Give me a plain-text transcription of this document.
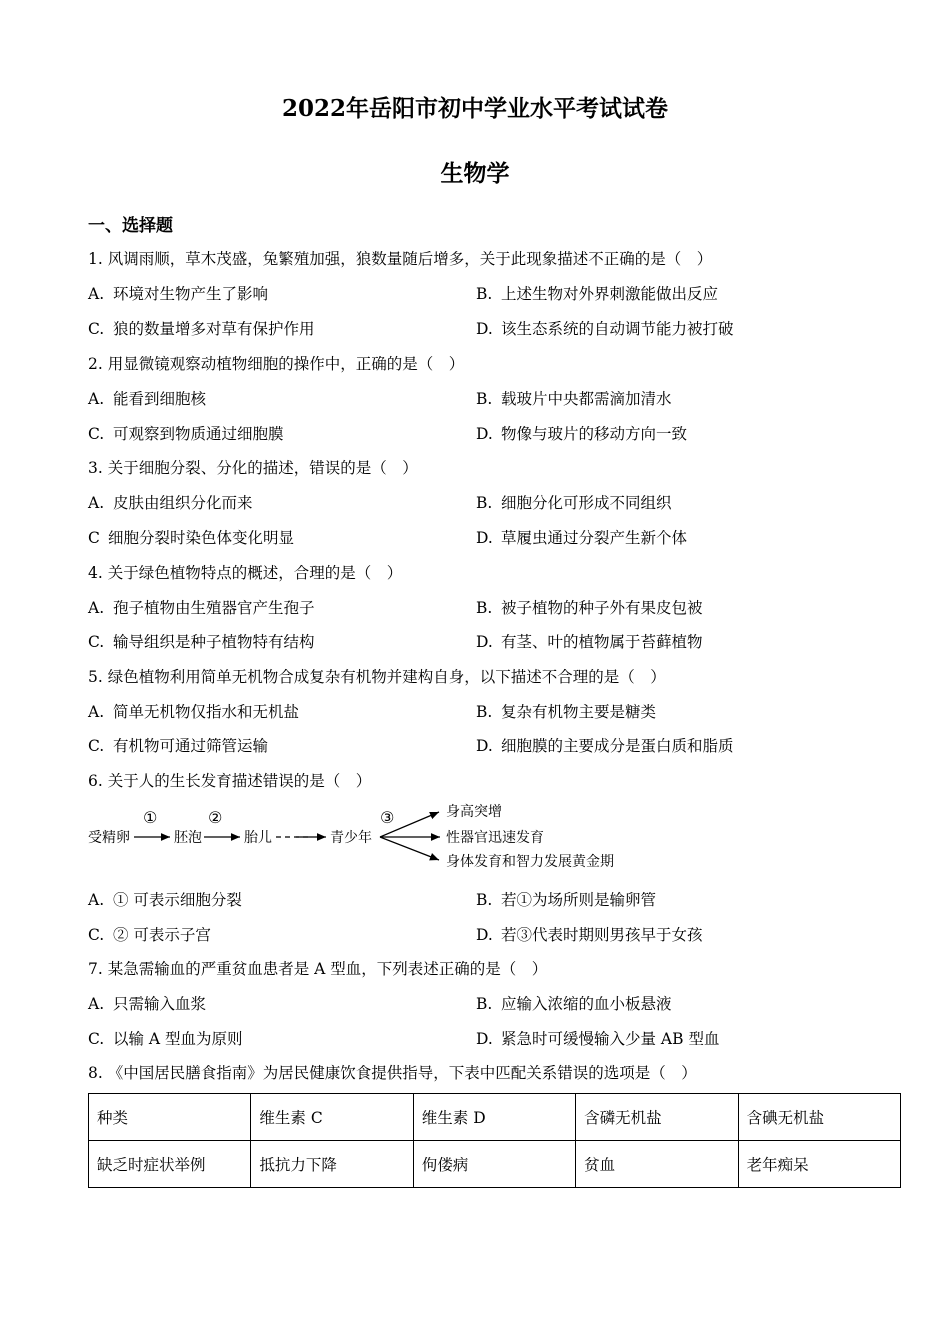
2022年岳阳市初中学业水平考试试卷
生物学
一、选择题
1. 风调雨顺，草木茂盛，兔繁殖加强，狼数量随后增多，关于此现象描述不正确的是（　）
A. 环境对生物产生了影响	B. 上述生物对外界刺激能做出反应
C. 狼的数量增多对草有保护作用	D. 该生态系统的自动调节能力被打破
2. 用显微镜观察动植物细胞的操作中，正确的是（　）
A. 能看到细胞核	B. 载玻片中央都需滴加清水
C. 可观察到物质通过细胞膜	D. 物像与玻片的移动方向一致
3. 关于细胞分裂、分化的描述，错误的是（　）
A. 皮肤由组织分化而来	B. 细胞分化可形成不同组织
C 细胞分裂时染色体变化明显	D. 草履虫通过分裂产生新个体
4. 关于绿色植物特点的概述，合理的是（　）
A. 孢子植物由生殖器官产生孢子	B. 被子植物的种子外有果皮包被
C. 输导组织是种子植物特有结构	D. 有茎、叶的植物属于苔藓植物
5. 绿色植物利用简单无机物合成复杂有机物并建构自身，以下描述不合理的是（　）
A. 简单无机物仅指水和无机盐	B. 复杂有机物主要是糖类
C. 有机物可通过筛管运输	D. 细胞膜的主要成分是蛋白质和脂质
6. 关于人的生长发育描述错误的是（　）
受精卵	胚泡	胎儿	青少年
①	②	③	身高突增
性器官迅速发育
身体发育和智力发展黄金期
A. ① 可表示细胞分裂	B. 若①为场所则是输卵管
C. ② 可表示子宫	D. 若③代表时期则男孩早于女孩
7. 某急需输血的严重贫血患者是 A 型血，下列表述正确的是（　）
A. 只需输入血浆	B. 应输入浓缩的血小板悬液
C. 以输 A 型血为原则	D. 紧急时可缓慢输入少量 AB 型血
8. 《中国居民膳食指南》为居民健康饮食提供指导，下表中匹配关系错误的选项是（　）
种类	维生素 C	维生素 D	含磷无机盐	含碘无机盐
缺乏时症状举例	抵抗力下降	佝偻病	贫血	老年痴呆
